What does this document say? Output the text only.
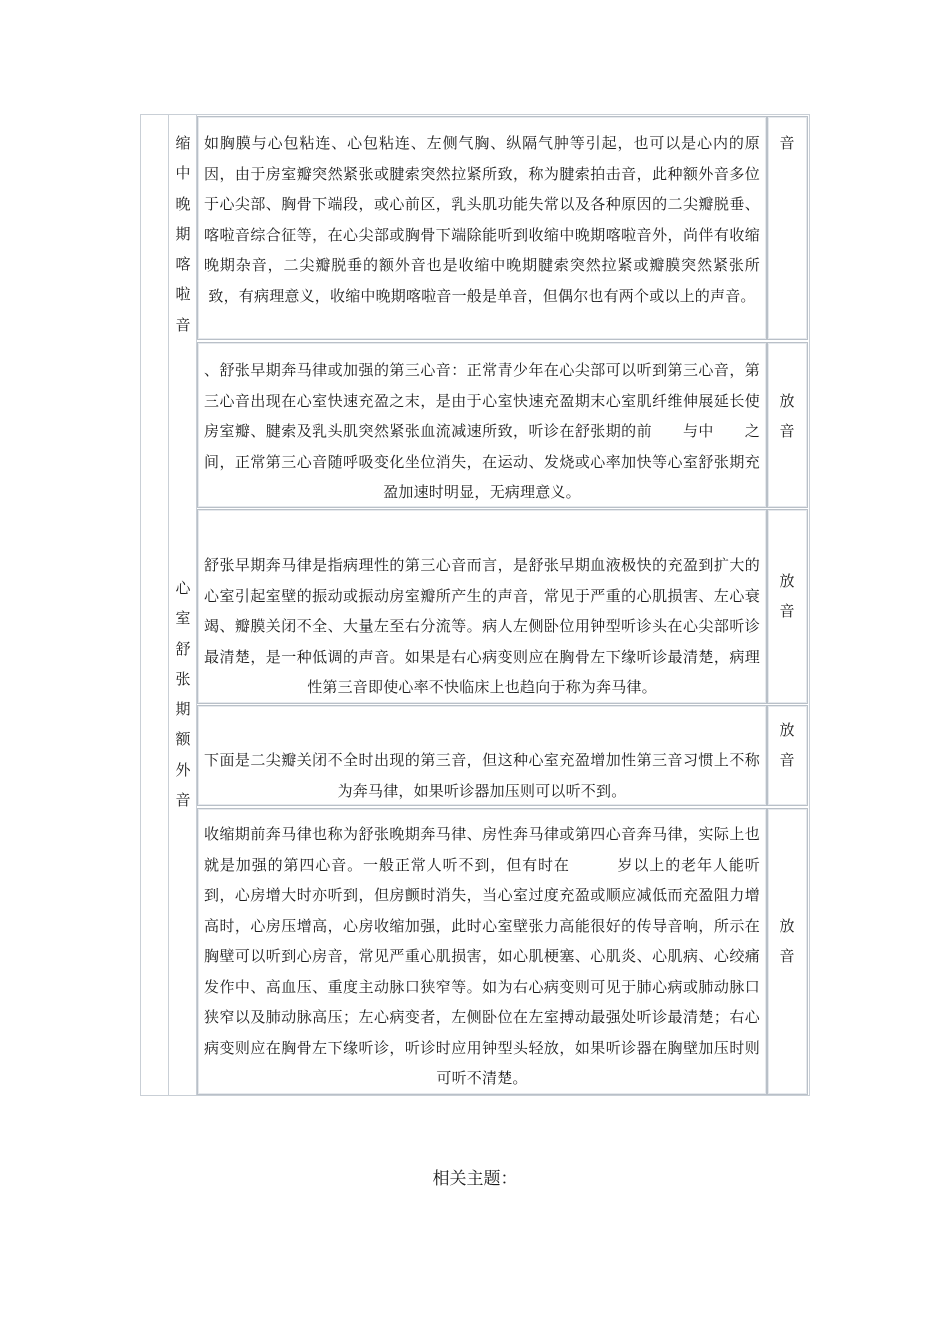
缩中晚期喀啦音
如胸膜与心包粘连、心包粘连、左侧气胸、纵隔气肿等引起，也可以是心内的原因，由于房室瓣突然紧张或腱索突然拉紧所致，称为腱索拍击音，此种额外音多位于心尖部、胸骨下端段，或心前区，乳头肌功能失常以及各种原因的二尖瓣脱垂、喀啦音综合征等，在心尖部或胸骨下端除能听到收缩中晚期喀啦音外，尚伴有收缩晚期杂音，二尖瓣脱垂的额外音也是收缩中晚期腱索突然拉紧或瓣膜突然紧张所致，有病理意义，收缩中晚期喀啦音一般是单音，但偶尔也有两个或以上的声音。
音
、舒张早期奔马律或加强的第三心音：正常青少年在心尖部可以听到第三心音，第三心音出现在心室快速充盈之末，是由于心室快速充盈期末心室肌纤维伸展延长使房室瓣、腱索及乳头肌突然紧张血流减速所致，听诊在舒张期的前　　与中　　之间，正常第三心音随呼吸变化坐位消失，在运动、发烧或心率加快等心室舒张期充盈加速时明显，无病理意义。
放音
舒张早期奔马律是指病理性的第三心音而言，是舒张早期血液极快的充盈到扩大的心室引起室壁的振动或振动房室瓣所产生的声音，常见于严重的心肌损害、左心衰竭、瓣膜关闭不全、大量左至右分流等。病人左侧卧位用钟型听诊头在心尖部听诊最清楚，是一种低调的声音。如果是右心病变则应在胸骨左下缘听诊最清楚，病理性第三音即使心率不快临床上也趋向于称为奔马律。
放音
下面是二尖瓣关闭不全时出现的第三音，但这种心室充盈增加性第三音习惯上不称为奔马律，如果听诊器加压则可以听不到。
放音
收缩期前奔马律也称为舒张晚期奔马律、房性奔马律或第四心音奔马律，实际上也就是加强的第四心音。一般正常人听不到，但有时在　　　岁以上的老年人能听到，心房增大时亦听到，但房颤时消失，当心室过度充盈或顺应减低而充盈阻力增高时，心房压增高，心房收缩加强，此时心室壁张力高能很好的传导音响，所示在胸壁可以听到心房音，常见严重心肌损害，如心肌梗塞、心肌炎、心肌病、心绞痛发作中、高血压、重度主动脉口狭窄等。如为右心病变则可见于肺心病或肺动脉口狭窄以及肺动脉高压；左心病变者，左侧卧位在左室搏动最强处听诊最清楚；右心病变则应在胸骨左下缘听诊，听诊时应用钟型头轻放，如果听诊器在胸壁加压时则可听不清楚。
放音
心室舒张期额外音
相关主题：
